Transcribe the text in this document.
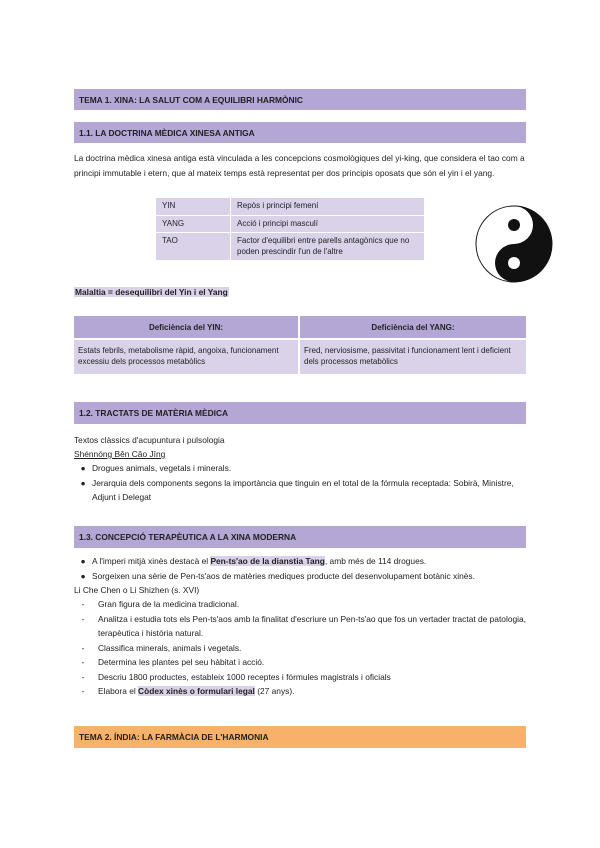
TEMA 1. XINA: LA SALUT COM A EQUILIBRI HARMÒNIC
1.1. LA DOCTRINA MÈDICA XINESA ANTIGA
La doctrina mèdica xinesa antiga està vinculada a les concepcions cosmològiques del yi-king, que considera el tao com a principi immutable i etern, que al mateix temps està representat per dos principis oposats que són el yin i el yang.
YIN	Repòs i principi femení
YANG	Acció i principi masculí
TAO	Factor d'equilibri entre parells antagònics que no poden prescindir l'un de l'altre
Malaltia = desequilibri del Yin i el Yang
Deficiència del YIN:	Deficiència del YANG:
Estats febrils, metabolisme ràpid, angoixa, funcionament excessiu dels processos metabòlics	Fred, nerviosisme, passivitat i funcionament lent i deficient dels processos metabòlics
1.2. TRACTATS DE MATÈRIA MÈDICA
Textos clàssics d'acupuntura i pulsologia
Shénnóng Běn Cǎo Jīng
● Drogues animals, vegetals i minerals.
● Jerarquia dels components segons la importància que tinguin en el total de la fórmula receptada: Sobirà, Ministre, Adjunt i Delegat
1.3. CONCEPCIÓ TERAPÈUTICA A LA XINA MODERNA
● A l'imperi mitjà xinès destacà el Pen-ts'ao de la dianstia Tang, amb més de 114 drogues.
● Sorgeixen una sèrie de Pen-ts'aos de matèries mediques producte del desenvolupament botànic xinès.
Li Che Chen o Li Shizhen (s. XVI)
-	Gran figura de la medicina tradicional.
-	Analitza i estudia tots els Pen-ts'aos amb la finalitat d'escriure un Pen-ts'ao que fos un vertader tractat de patologia, terapèutica i història natural.
-	Classifica minerals, animals i vegetals.
-	Determina les plantes pel seu hàbitat i acció.
-	Descriu 1800 productes, estableix 1000 receptes i fórmules magistrals i oficials
-	Elabora el Còdex xinès o formulari legal (27 anys).
TEMA 2. ÍNDIA: LA FARMÀCIA DE L'HARMONIA
